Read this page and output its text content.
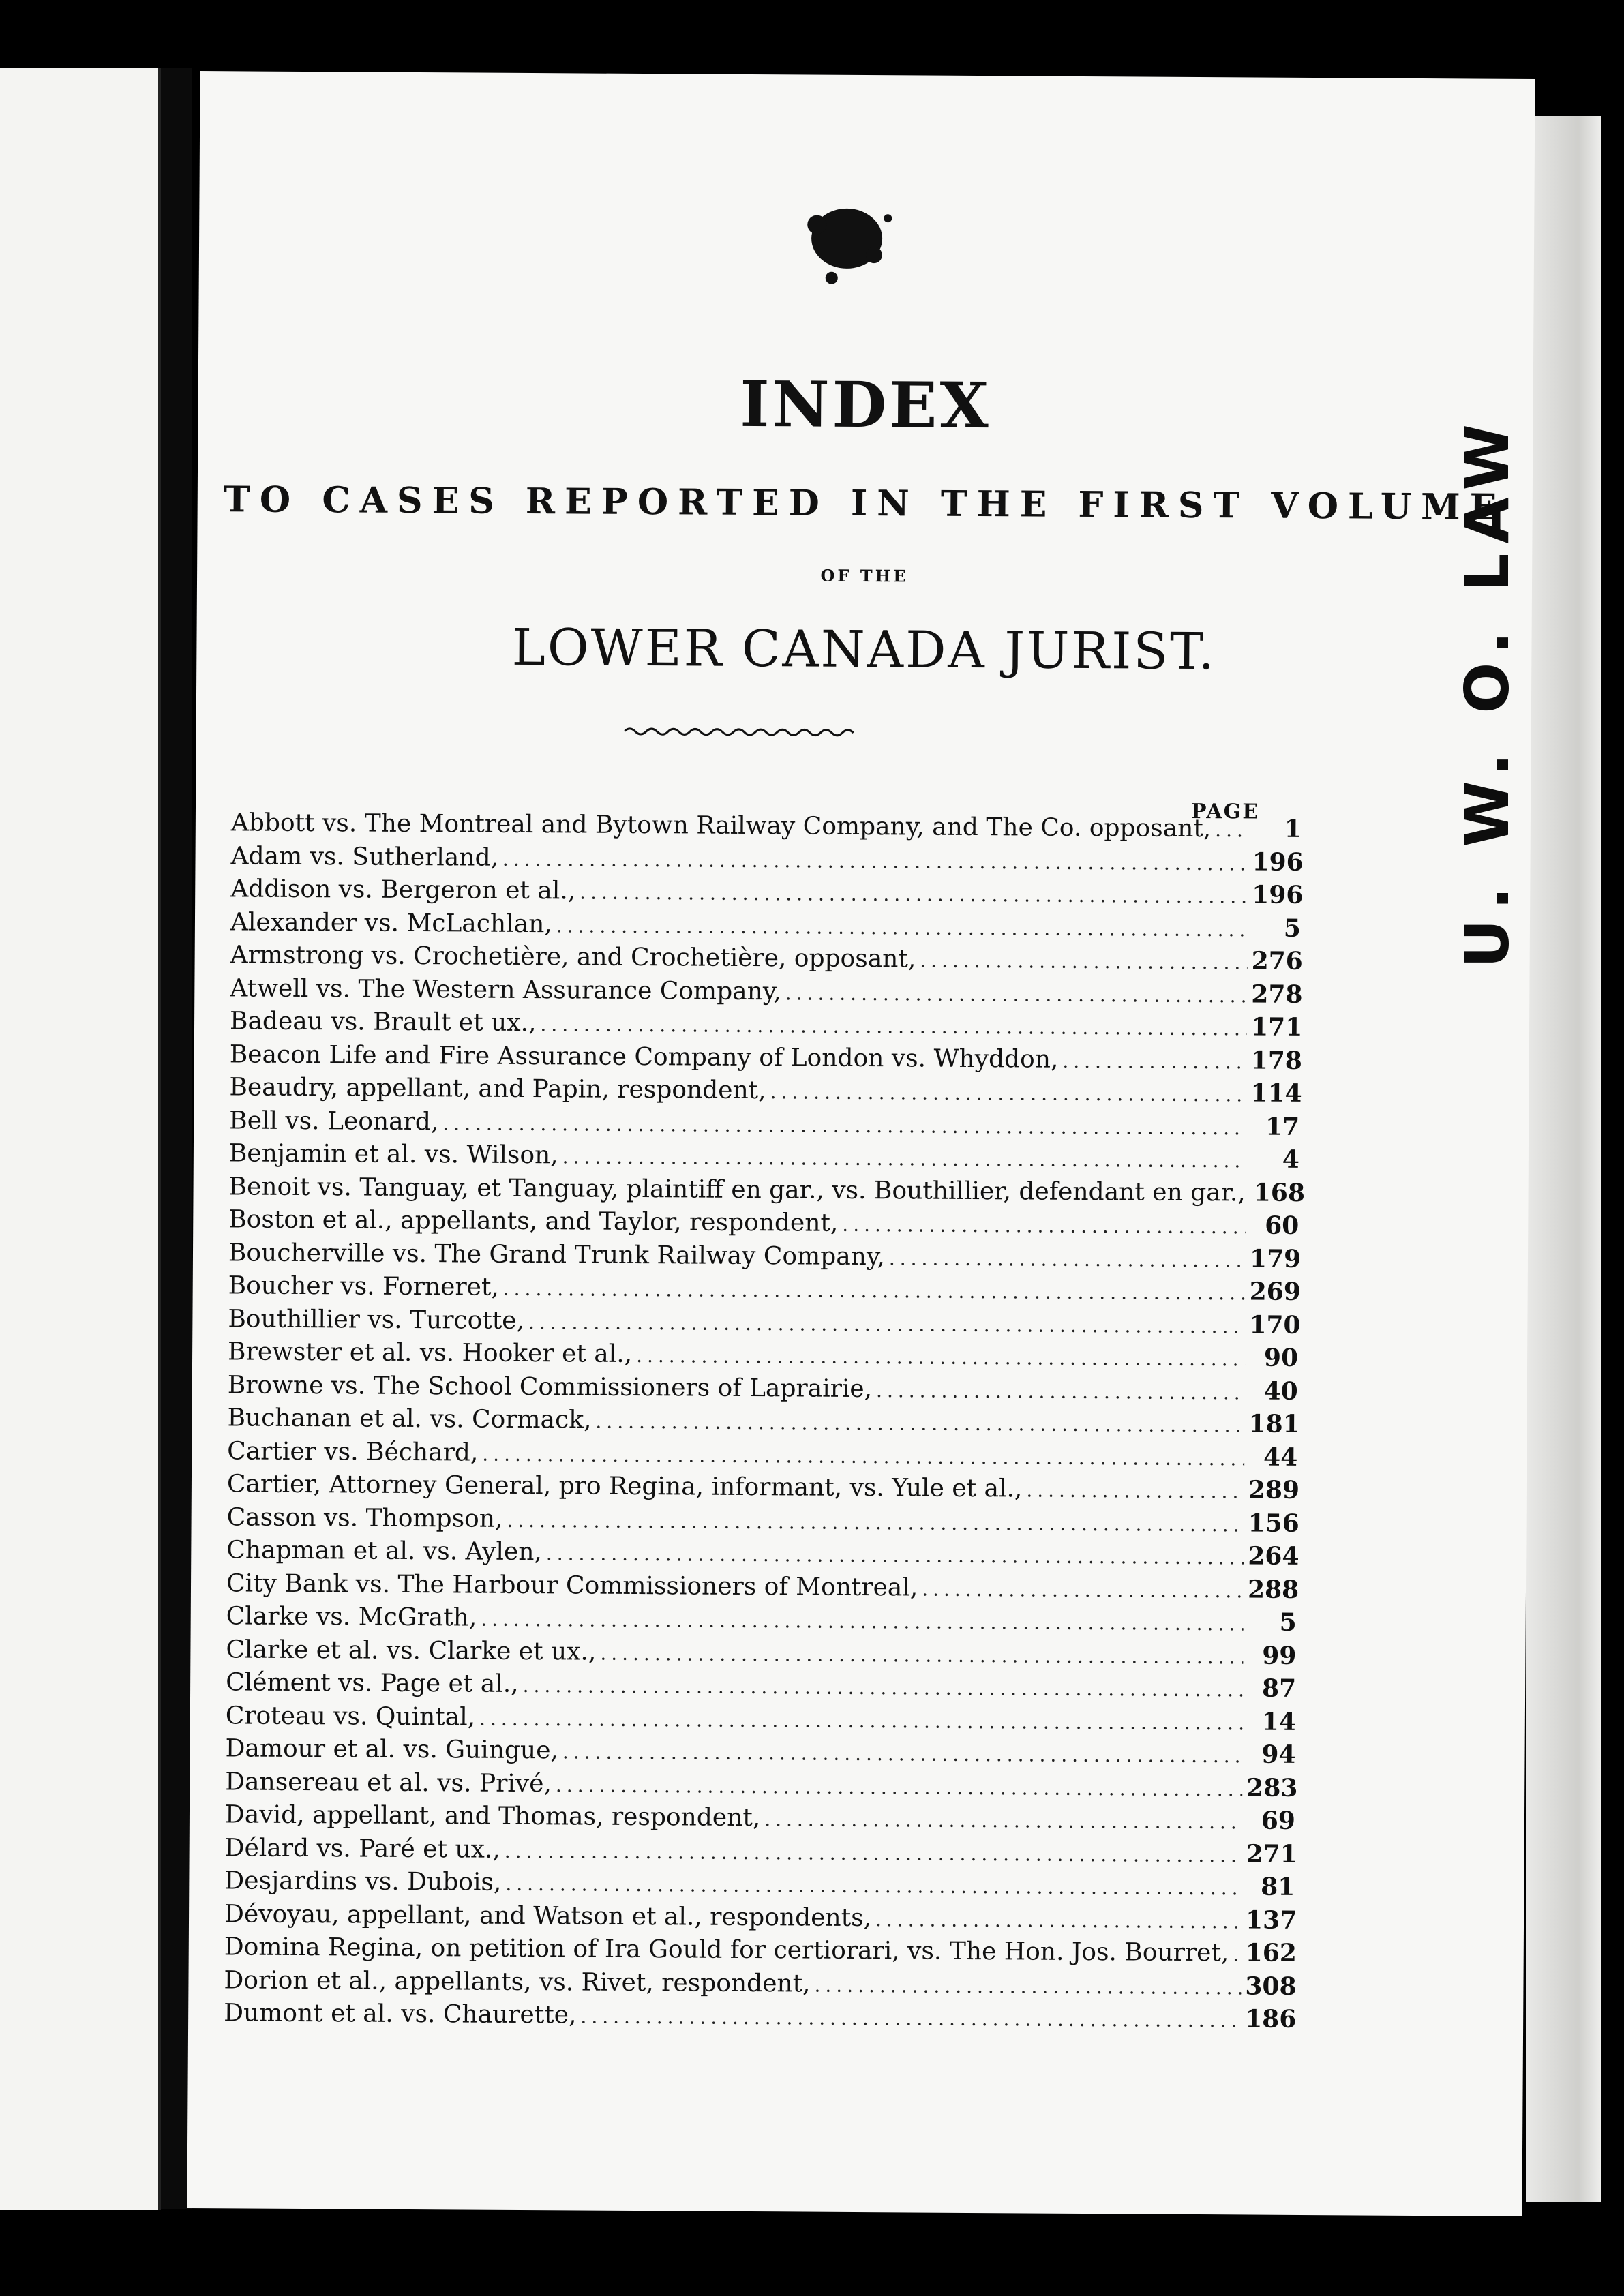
INDEX
TO CASES REPORTED IN THE FIRST VOLUME
OF THE
LOWER CANADA JURIST.
PAGE
Abbott vs. The Montreal and Bytown Railway Company, and The Co. opposant, .....	1
Adam vs. Sutherland, .....	196
Addison vs. Bergeron et al., .....	196
Alexander vs. McLachlan, .....	5
Armstrong vs. Crochetière, and Crochetière, opposant, .....	276
Atwell vs. The Western Assurance Company, .....	278
Badeau vs. Brault et ux., .....	171
Beacon Life and Fire Assurance Company of London vs. Whyddon, .....	178
Beaudry, appellant, and Papin, respondent, .....	114
Bell vs. Leonard, .....	17
Benjamin et al. vs. Wilson, .....	4
Benoit vs. Tanguay, et Tanguay, plaintiff en gar., vs. Bouthillier, defendant en gar., ..... 168
Boston et al., appellants, and Taylor, respondent, .....	60
Boucherville vs. The Grand Trunk Railway Company, .....	179
Boucher vs. Forneret, .....	269
Bouthillier vs. Turcotte, .....	170
Brewster et al. vs. Hooker et al., .....	90
Browne vs. The School Commissioners of Laprairie, .....	40
Buchanan et al. vs. Cormack, .....	181
Cartier vs. Béchard, .....	44
Cartier, Attorney General, pro Regina, informant, vs. Yule et al., .....	289
Casson vs. Thompson, .....	156
Chapman et al. vs. Aylen, .....	264
City Bank vs. The Harbour Commissioners of Montreal, .....	288
Clarke vs. McGrath, .....	5
Clarke et al. vs. Clarke et ux., .....	99
Clément vs. Page et al., .....	87
Croteau vs. Quintal, .....	14
Damour et al. vs. Guingue, .....	94
Dansereau et al. vs. Privé, .....	283
David, appellant, and Thomas, respondent, .....	69
Délard vs. Paré et ux., .....	271
Desjardins vs. Dubois, .....	81
Dévoyau, appellant, and Watson et al., respondents, .....	137
Domina Regina, on petition of Ira Gould for certiorari, vs. The Hon. Jos. Bourret, ..... 162
Dorion et al., appellants, vs. Rivet, respondent, .....	308
Dumont et al. vs. Chaurette, .....	186
U. W. O. LAW
